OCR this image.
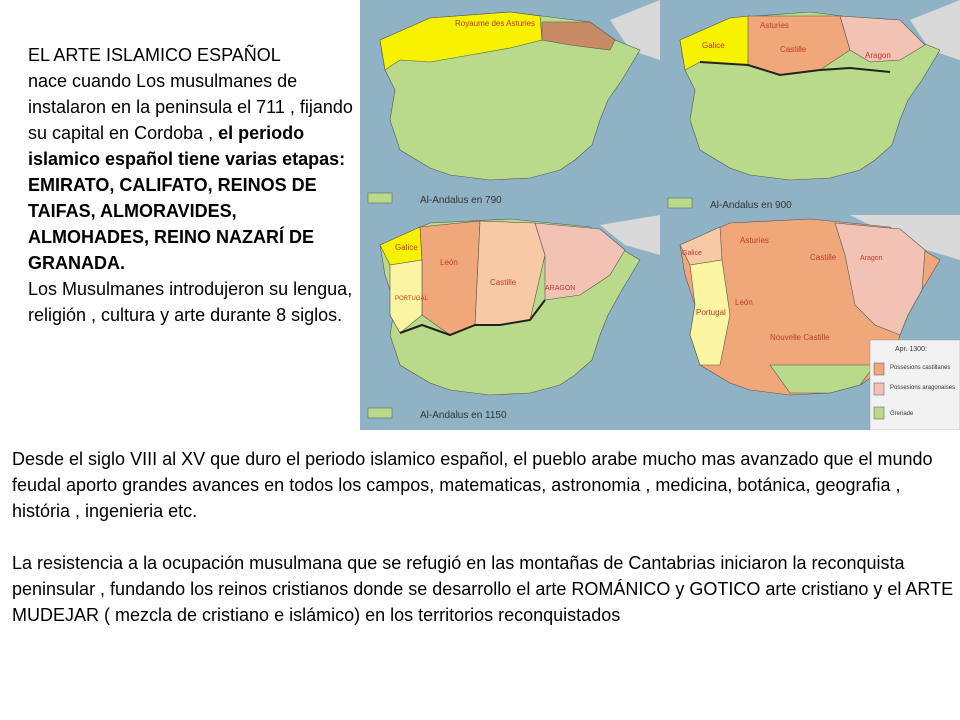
EL ARTE ISLAMICO ESPAÑOL
nace cuando Los musulmanes de instalaron en la peninsula el 711 , fijando su capital en Cordoba , el periodo islamico español tiene varias etapas:
EMIRATO, CALIFATO, REINOS DE TAIFAS, ALMORAVIDES, ALMOHADES, REINO NAZARÍ DE GRANADA.
Los Musulmanes introdujeron su lengua, religión , cultura y arte durante 8 siglos.

Royaume des Asturies
Al-Andalus en 790
Asturies
Galice	Castille
Aragon
Al-Andalus en 900
Galice
León
Castille
PORTUGAL
ARAGON
Al-Andalus en 1150
Asturies
Galice	Castille	Aragon
León
Portugal
Nouvelle Castille
Apr. 1300:
Possesions castillanes
Possesions aragonaises
Grenade

Desde el siglo VIII al XV que duro el periodo islamico español, el pueblo arabe mucho mas avanzado que el mundo feudal aporto grandes avances en todos los campos, matematicas, astronomia , medicina, botánica, geografia , história , ingenieria etc.

La resistencia a la ocupación musulmana que se refugió en las montañas de Cantabrias iniciaron la reconquista peninsular , fundando los reinos cristianos donde se desarrollo el arte ROMÁNICO y GOTICO arte cristiano y el ARTE MUDEJAR ( mezcla de cristiano e islámico) en los territorios reconquistados
